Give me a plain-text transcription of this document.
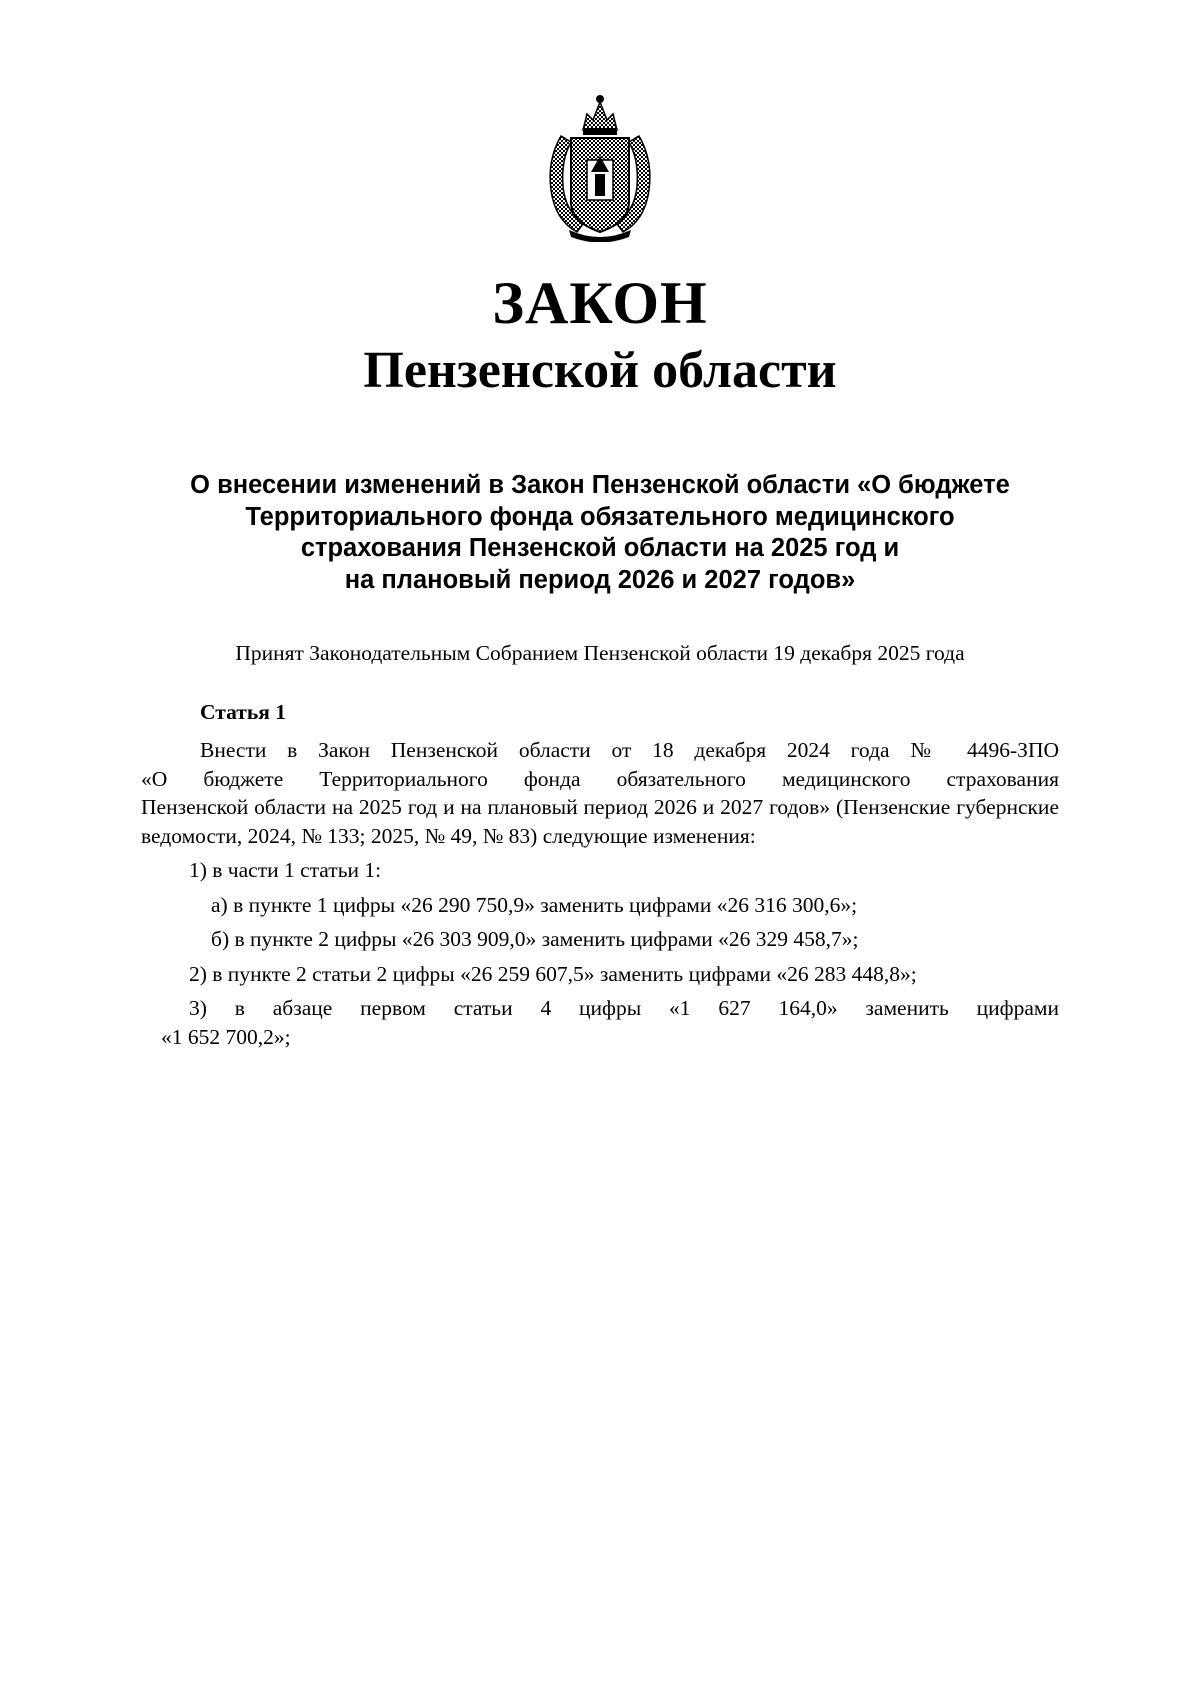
ЗАКОН
Пензенской области
О внесении изменений в Закон Пензенской области «О бюджете
Территориального фонда обязательного медицинского
страхования Пензенской области на 2025 год и
на плановый период 2026 и 2027 годов»
Принят Законодательным Собранием Пензенской области 19 декабря 2025 года
Статья 1

Внести в Закон Пензенской области от 18 декабря 2024 года № 4496-ЗПО

«О бюджете Территориального фонда обязательного медицинского страхования

Пензенской области на 2025 год и на плановый период 2026 и 2027 годов» (Пензенские губернские ведомости, 2024, № 133; 2025, № 49, № 83) следующие изменения:

1) в части 1 статьи 1:

а) в пункте 1 цифры «26 290 750,9» заменить цифрами «26 316 300,6»;

б) в пункте 2 цифры «26 303 909,0» заменить цифрами «26 329 458,7»;

2) в пункте 2 статьи 2 цифры «26 259 607,5» заменить цифрами «26 283 448,8»;

3) в абзаце первом статьи 4 цифры «1 627 164,0» заменить цифрами

«1 652 700,2»;
